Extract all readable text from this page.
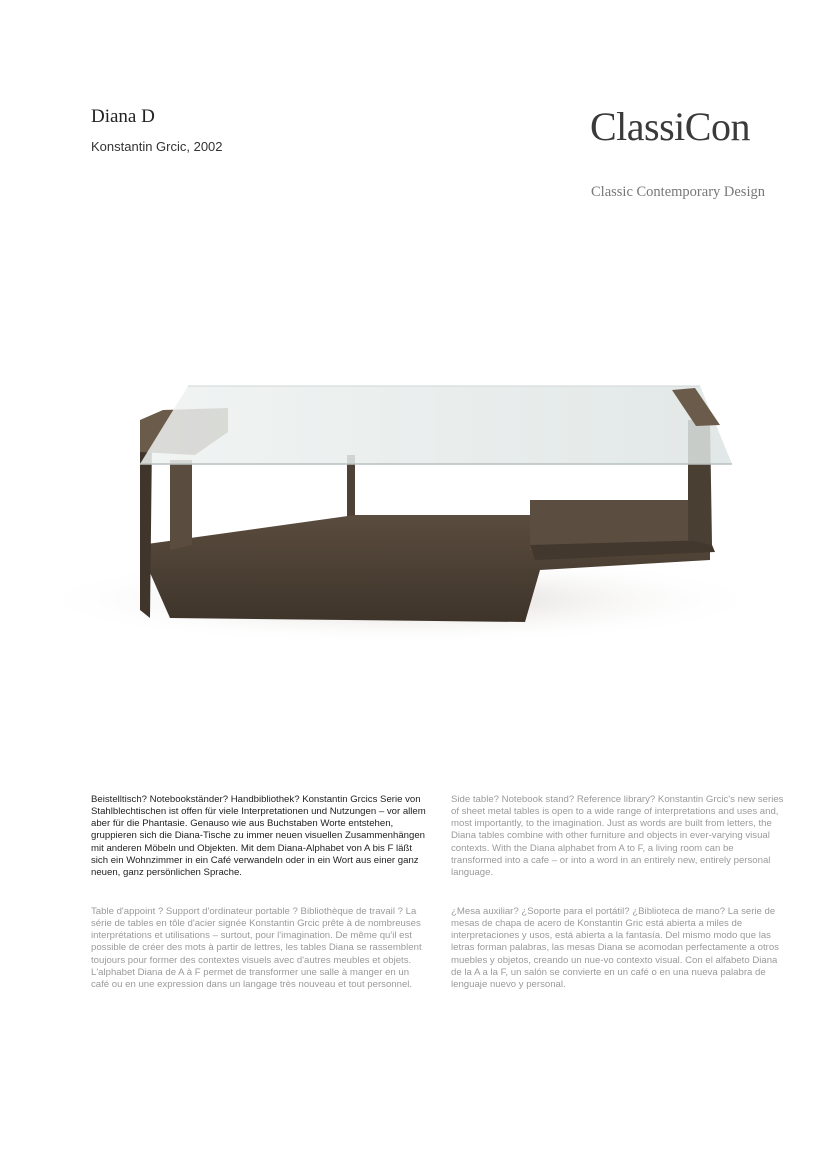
Diana D
Konstantin Grcic, 2002	ClassiCon
Classic Contemporary Design
Beistelltisch? Notebookständer? Handbibliothek? Konstantin Grcics Serie von Stahlblechtischen ist offen für viele Interpretationen und Nutzungen – vor allem aber für die Phantasie. Genauso wie aus Buchstaben Worte entstehen, gruppieren sich die Diana-Tische zu immer neuen visuellen Zusammenhängen mit anderen Möbeln und Objekten. Mit dem Diana-Alphabet von A bis F läßt sich ein Wohnzimmer in ein Café verwandeln oder in ein Wort aus einer ganz neuen, ganz persönlichen Sprache.
Side table? Notebook stand? Reference library? Konstantin Grcic's new series of sheet metal tables is open to a wide range of interpretations and uses and, most importantly, to the imagination. Just as words are built from letters, the Diana tables combine with other furniture and objects in ever-varying visual contexts. With the Diana alphabet from A to F, a living room can be transformed into a cafe – or into a word in an entirely new, entirely personal language.
Table d'appoint ? Support d'ordinateur portable ? Bibliothèque de travail ? La série de tables en tôle d'acier signée Konstantin Grcic prête à de nombreuses interprétations et utilisations – surtout, pour l'imagination. De même qu'il est possible de créer des mots à partir de lettres, les tables Diana se rassemblent toujours pour former des contextes visuels avec d'autres meubles et objets. L'alphabet Diana de A à F permet de transformer une salle à manger en un café ou en une expression dans un langage très nouveau et tout personnel.
¿Mesa auxiliar? ¿Soporte para el portátil? ¿Biblioteca de mano? La serie de mesas de chapa de acero de Konstantin Gric está abierta a miles de interpretaciones y usos, está abierta a la fantasía. Del mismo modo que las letras forman palabras, las mesas Diana se acomodan perfectamente a otros muebles y objetos, creando un nue-vo contexto visual. Con el alfabeto Diana de la A a la F, un salón se convierte en un café o en una nueva palabra de lenguaje nuevo y personal.
